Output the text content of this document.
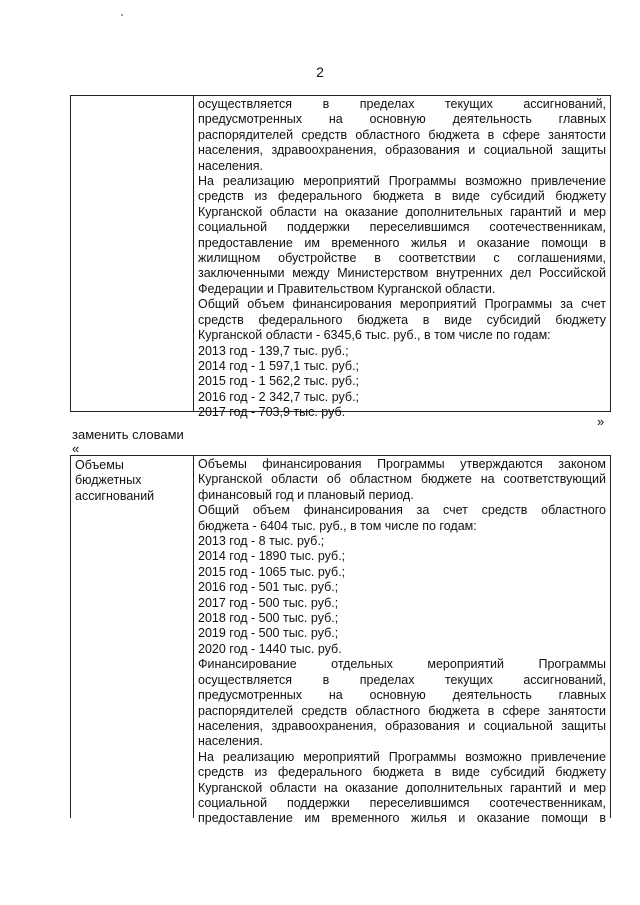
2
осуществляется в пределах текущих ассигнований,
предусмотренных на основную деятельность главных
распорядителей средств областного бюджета в сфере занятости
населения, здравоохранения, образования и социальной защиты
населения.
На реализацию мероприятий Программы возможно привлечение
средств из федерального бюджета в виде субсидий бюджету
Курганской области на оказание дополнительных гарантий и мер
социальной поддержки переселившимся соотечественникам,
предоставление им временного жилья и оказание помощи в
жилищном обустройстве в соответствии с соглашениями,
заключенными между Министерством внутренних дел Российской
Федерации и Правительством Курганской области.
Общий объем финансирования мероприятий Программы за счет
средств федерального бюджета в виде субсидий бюджету
Курганской области - 6345,6 тыс. руб., в том числе по годам:
2013 год - 139,7 тыс. руб.;
2014 год - 1 597,1 тыс. руб.;
2015 год - 1 562,2 тыс. руб.;
2016 год - 2 342,7 тыс. руб.;
2017 год - 703,9 тыс. руб.
»
заменить словами
«
Объемы
бюджетных
ассигнований
Объемы финансирования Программы утверждаются законом
Курганской области об областном бюджете на соответствующий
финансовый год и плановый период.
Общий объем финансирования за счет средств областного
бюджета - 6404 тыс. руб., в том числе по годам:
2013 год - 8 тыс. руб.;
2014 год - 1890 тыс. руб.;
2015 год - 1065 тыс. руб.;
2016 год - 501 тыс. руб.;
2017 год - 500 тыс. руб.;
2018 год - 500 тыс. руб.;
2019 год - 500 тыс. руб.;
2020 год - 1440 тыс. руб.
Финансирование отдельных мероприятий Программы
осуществляется в пределах текущих ассигнований,
предусмотренных на основную деятельность главных
распорядителей средств областного бюджета в сфере занятости
населения, здравоохранения, образования и социальной защиты
населения.
На реализацию мероприятий Программы возможно привлечение
средств из федерального бюджета в виде субсидий бюджету
Курганской области на оказание дополнительных гарантий и мер
социальной поддержки переселившимся соотечественникам,
предоставление им временного жилья и оказание помощи в
